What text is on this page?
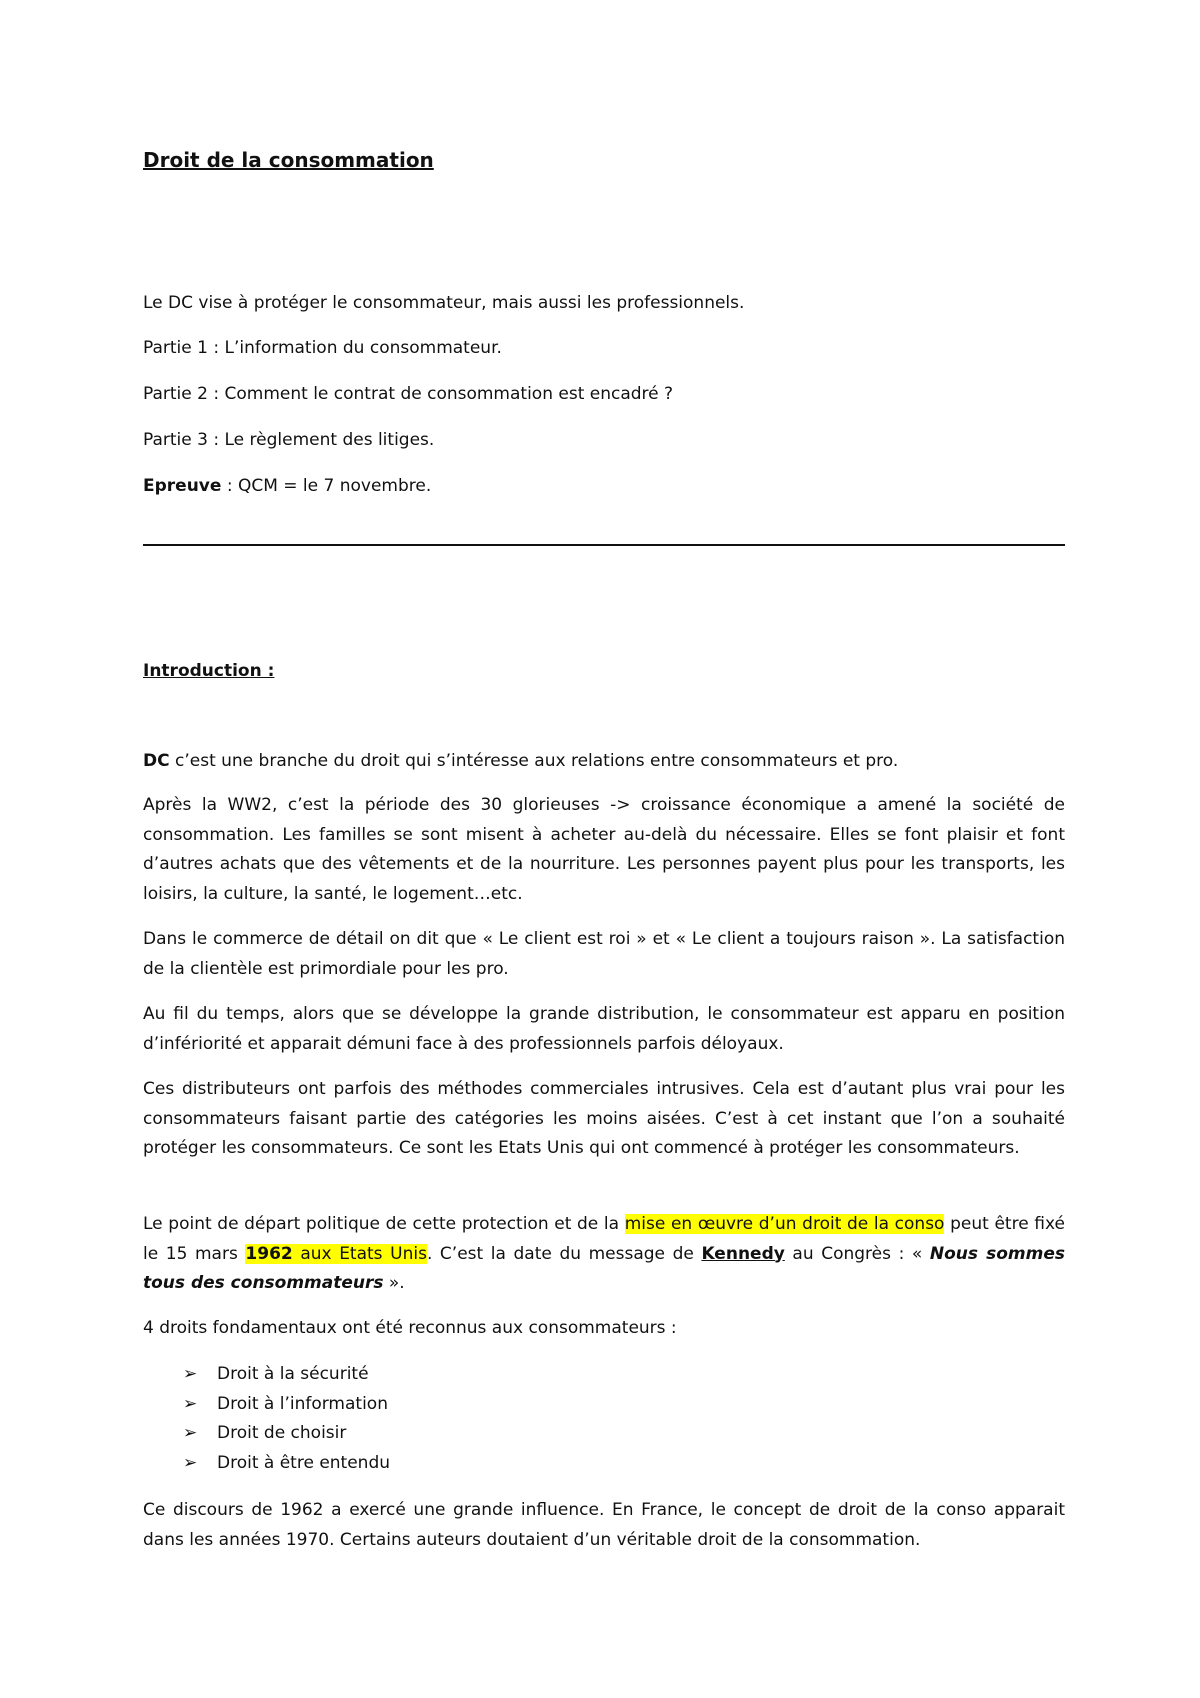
Droit de la consommation
Le DC vise à protéger le consommateur, mais aussi les professionnels.
Partie 1 : L’information du consommateur.
Partie 2 : Comment le contrat de consommation est encadré ?
Partie 3 : Le règlement des litiges.
Epreuve : QCM = le 7 novembre.
Introduction :
DC c’est une branche du droit qui s’intéresse aux relations entre consommateurs et pro.
Après la WW2, c’est la période des 30 glorieuses -> croissance économique a amené la société de consommation. Les familles se sont misent à acheter au-delà du nécessaire. Elles se font plaisir et font d’autres achats que des vêtements et de la nourriture. Les personnes payent plus pour les transports, les loisirs, la culture, la santé, le logement…etc.
Dans le commerce de détail on dit que « Le client est roi » et « Le client a toujours raison ». La satisfaction de la clientèle est primordiale pour les pro.
Au fil du temps, alors que se développe la grande distribution, le consommateur est apparu en position d’infériorité et apparait démuni face à des professionnels parfois déloyaux.
Ces distributeurs ont parfois des méthodes commerciales intrusives. Cela est d’autant plus vrai pour les consommateurs faisant partie des catégories les moins aisées. C’est à cet instant que l’on a souhaité protéger les consommateurs. Ce sont les Etats Unis qui ont commencé à protéger les consommateurs.
Le point de départ politique de cette protection et de la mise en œuvre d’un droit de la conso peut être fixé le 15 mars 1962 aux Etats Unis. C’est la date du message de Kennedy au Congrès : « Nous sommes tous des consommateurs ».
4 droits fondamentaux ont été reconnus aux consommateurs :
➢ Droit à la sécurité
➢ Droit à l’information
➢ Droit de choisir
➢ Droit à être entendu
Ce discours de 1962 a exercé une grande influence. En France, le concept de droit de la conso apparait dans les années 1970. Certains auteurs doutaient d’un véritable droit de la consommation.
